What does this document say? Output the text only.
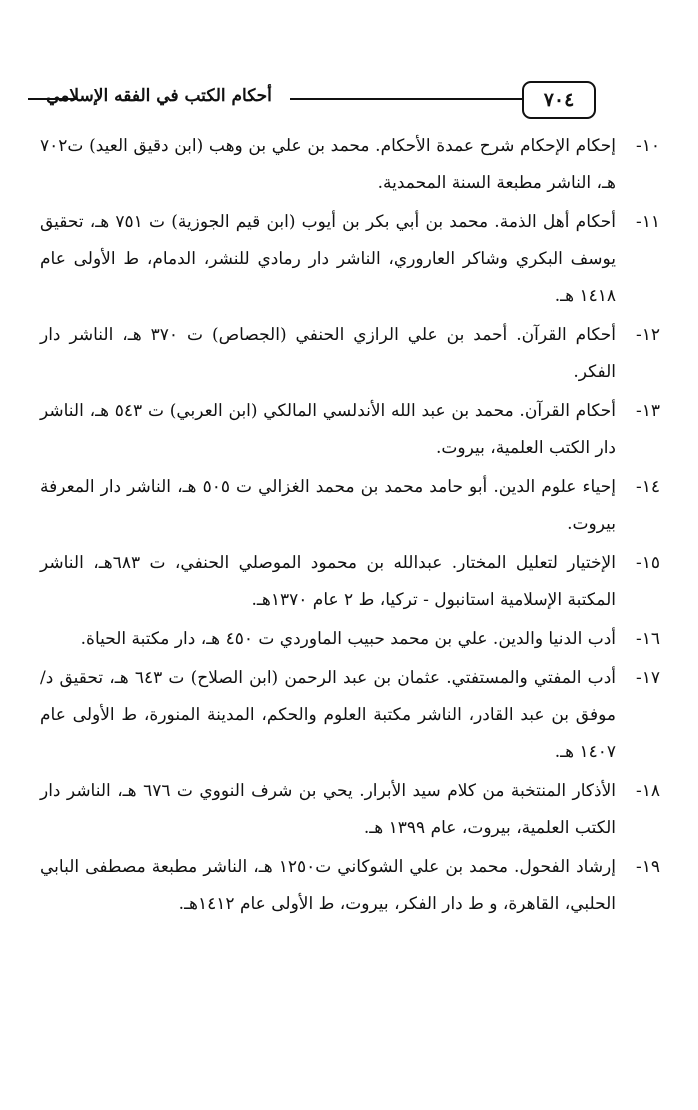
أحكام الكتب في الفقه الإسلامي	٧٠٤
١٠-
إحكام الإحكام شرح عمدة الأحكام. محمد بن علي بن وهب (ابن دقيق العيد) ت٧٠٢ هـ، الناشر مطبعة السنة المحمدية.
١١-
أحكام أهل الذمة. محمد بن أبي بكر بن أيوب (ابن قيم الجوزية) ت ٧٥١ هـ، تحقيق يوسف البكري وشاكر العاروري، الناشر دار رمادي للنشر، الدمام، ط الأولى عام ١٤١٨ هـ.
١٢-
أحكام القرآن. أحمد بن علي الرازي الحنفي (الجصاص) ت ٣٧٠ هـ، الناشر دار الفكر.
١٣-
أحكام القرآن. محمد بن عبد الله الأندلسي المالكي (ابن العربي) ت ٥٤٣ هـ، الناشر دار الكتب العلمية، بيروت.
١٤-
إحياء علوم الدين. أبو حامد محمد بن محمد الغزالي ت ٥٠٥ هـ، الناشر دار المعرفة بيروت.
١٥-
الإختيار لتعليل المختار. عبدالله بن محمود الموصلي الحنفي، ت ٦٨٣هـ، الناشر المكتبة الإسلامية استانبول - تركيا، ط ٢ عام ١٣٧٠هـ.
١٦-
أدب الدنيا والدين. علي بن محمد حبيب الماوردي ت ٤٥٠ هـ، دار مكتبة الحياة.
١٧-
أدب المفتي والمستفتي. عثمان بن عبد الرحمن (ابن الصلاح) ت ٦٤٣ هـ، تحقيق د/ موفق بن عبد القادر، الناشر مكتبة العلوم والحكم، المدينة المنورة، ط الأولى عام ١٤٠٧ هـ.
١٨-
الأذكار المنتخبة من كلام سيد الأبرار. يحي بن شرف النووي ت ٦٧٦ هـ، الناشر دار الكتب العلمية، بيروت، عام ١٣٩٩ هـ.
١٩-
إرشاد الفحول. محمد بن علي الشوكاني ت١٢٥٠ هـ، الناشر مطبعة مصطفى البابي الحلبي، القاهرة، و ط دار الفكر، بيروت، ط الأولى عام ١٤١٢هـ.
